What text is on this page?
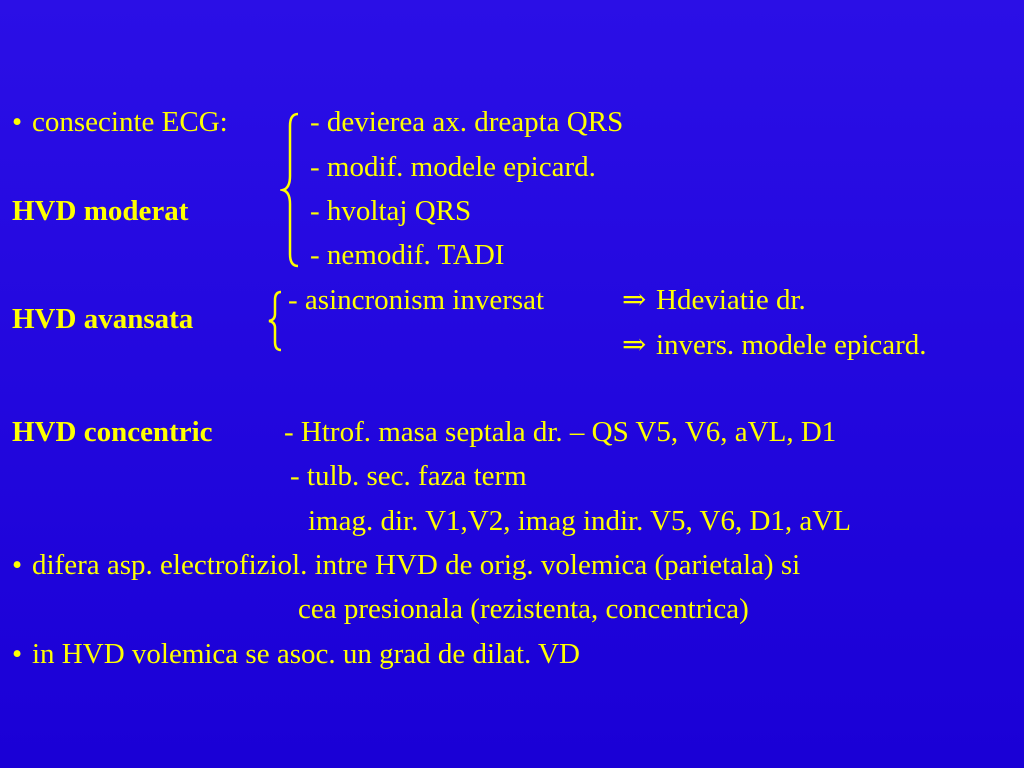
• consecinte ECG:	- devierea ax. dreapta QRS
- modif. modele epicard.
HVD moderat	- hvoltaj QRS
- nemodif. TADI
- asincronism inversat	⇒ Hdeviatie dr.
HVD avansata
⇒ invers. modele epicard.
HVD concentric - Htrof. masa septala dr. – QS V5, V6, aVL, D1
- tulb. sec. faza term
imag. dir. V1,V2, imag indir. V5, V6, D1, aVL
• difera asp. electrofiziol. intre HVD de orig. volemica (parietala) si
cea presionala (rezistenta, concentrica)
• in HVD volemica se asoc. un grad de dilat. VD
